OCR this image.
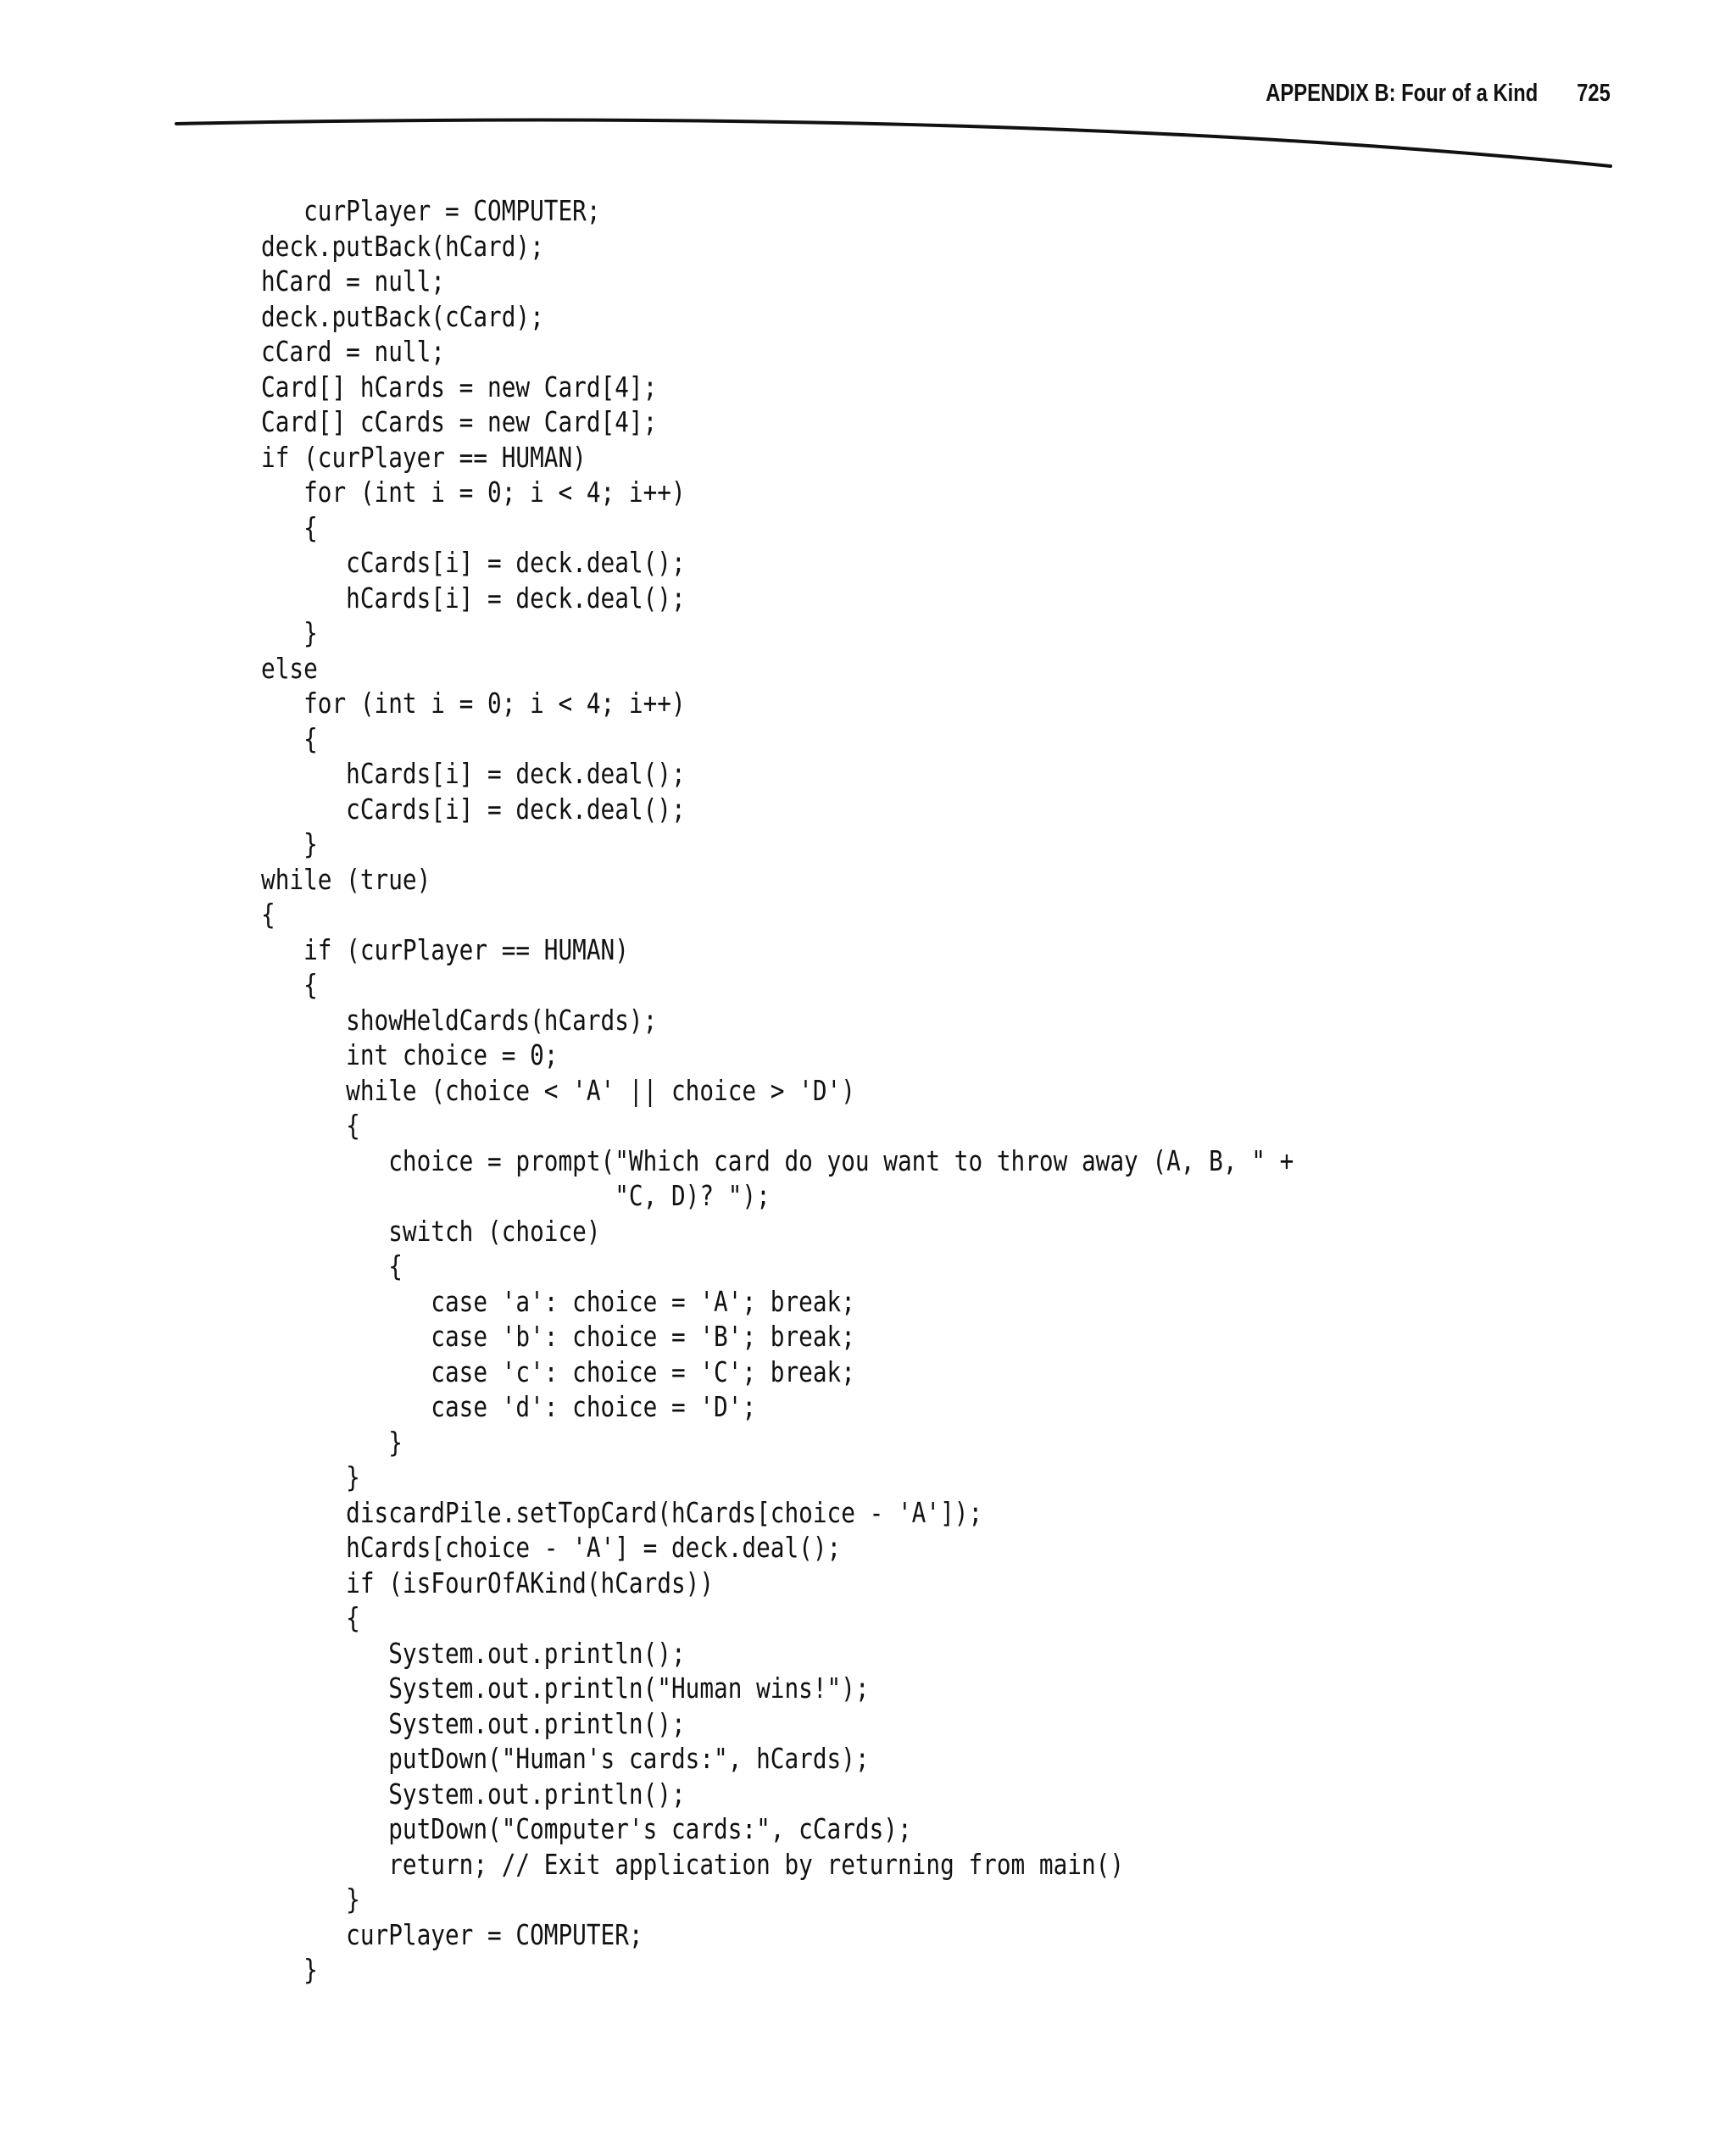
APPENDIX B: Four of a Kind 725
curPlayer = COMPUTER;
deck.putBack(hCard);
hCard = null;
deck.putBack(cCard);
cCard = null;
Card[] hCards = new Card[4];
Card[] cCards = new Card[4];
if (curPlayer == HUMAN)
for (int i = 0; i < 4; i++)
{
cCards[i] = deck.deal();
hCards[i] = deck.deal();
}
else
for (int i = 0; i < 4; i++)
{
hCards[i] = deck.deal();
cCards[i] = deck.deal();
}
while (true)
{
if (curPlayer == HUMAN)
{
showHeldCards(hCards);
int choice = 0;
while (choice < 'A' || choice > 'D')
{
choice = prompt("Which card do you want to throw away (A, B, " +
"C, D)? ");
switch (choice)
{
case 'a': choice = 'A'; break;
case 'b': choice = 'B'; break;
case 'c': choice = 'C'; break;
case 'd': choice = 'D';
}
}
discardPile.setTopCard(hCards[choice - 'A']);
hCards[choice - 'A'] = deck.deal();
if (isFourOfAKind(hCards))
{
System.out.println();
System.out.println("Human wins!");
System.out.println();
putDown("Human's cards:", hCards);
System.out.println();
putDown("Computer's cards:", cCards);
return; // Exit application by returning from main()
}
curPlayer = COMPUTER;
}
